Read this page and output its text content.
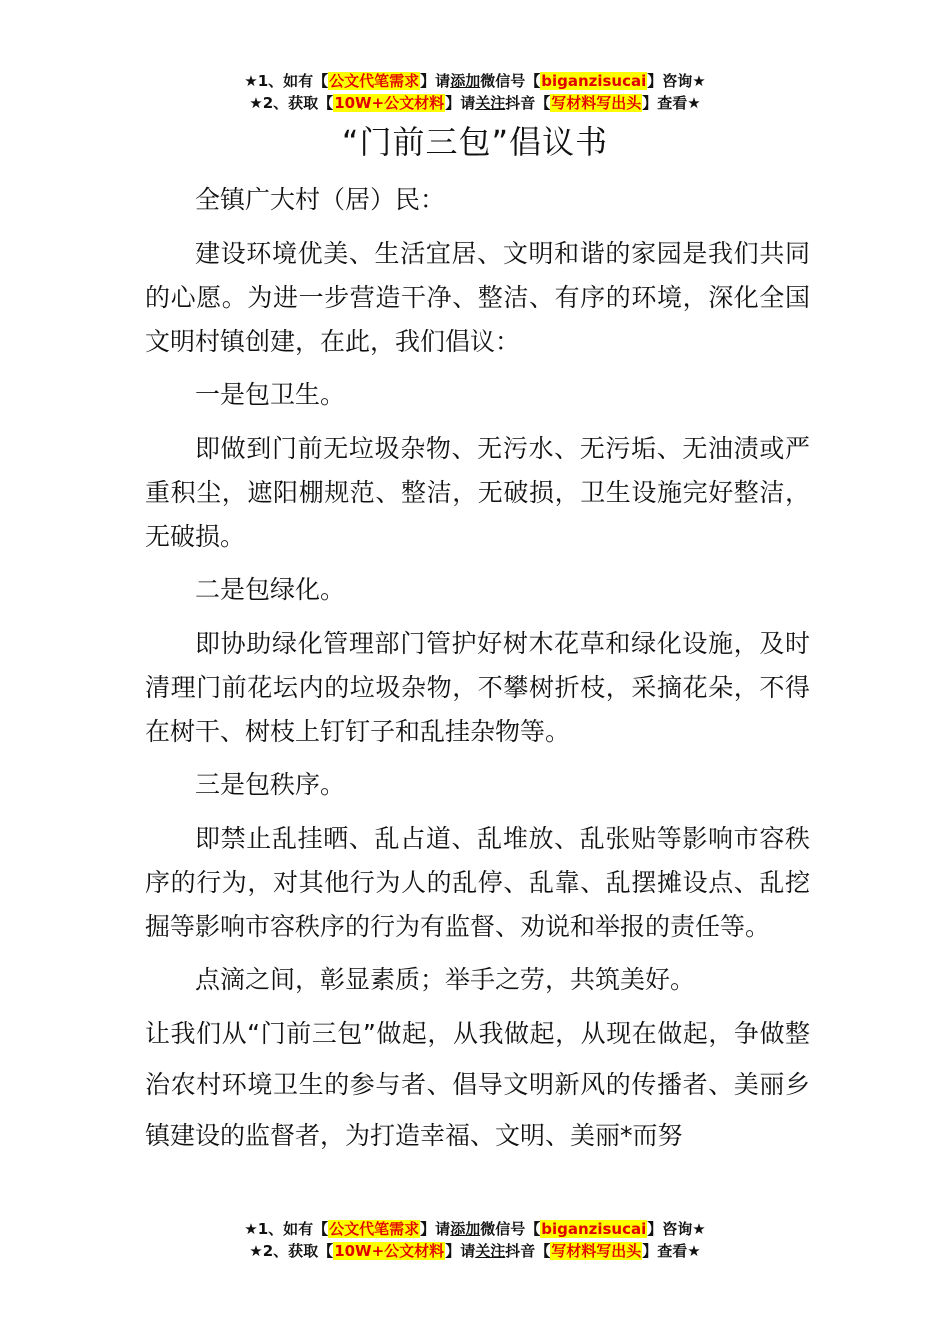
★1、如有【公文代笔需求】请添加微信号【biganzisucai】咨询★
★2、获取【10W+公文材料】请关注抖音【写材料写出头】查看★
“门前三包”倡议书

全镇广大村（居）民：

建设环境优美、生活宜居、文明和谐的家园是我们共同的心愿。为进一步营造干净、整洁、有序的环境，深化全国文明村镇创建，在此，我们倡议：

一是包卫生。

即做到门前无垃圾杂物、无污水、无污垢、无油渍或严重积尘，遮阳棚规范、整洁，无破损，卫生设施完好整洁，无破损。

二是包绿化。

即协助绿化管理部门管护好树木花草和绿化设施，及时清理门前花坛内的垃圾杂物，不攀树折枝，采摘花朵，不得在树干、树枝上钉钉子和乱挂杂物等。

三是包秩序。

即禁止乱挂晒、乱占道、乱堆放、乱张贴等影响市容秩序的行为，对其他行为人的乱停、乱靠、乱摆摊设点、乱挖掘等影响市容秩序的行为有监督、劝说和举报的责任等。

点滴之间，彰显素质；举手之劳，共筑美好。

让我们从“门前三包”做起，从我做起，从现在做起，争做整治农村环境卫生的参与者、倡导文明新风的传播者、美丽乡镇建设的监督者，为打造幸福、文明、美丽*而努

★1、如有【公文代笔需求】请添加微信号【biganzisucai】咨询★
★2、获取【10W+公文材料】请关注抖音【写材料写出头】查看★
